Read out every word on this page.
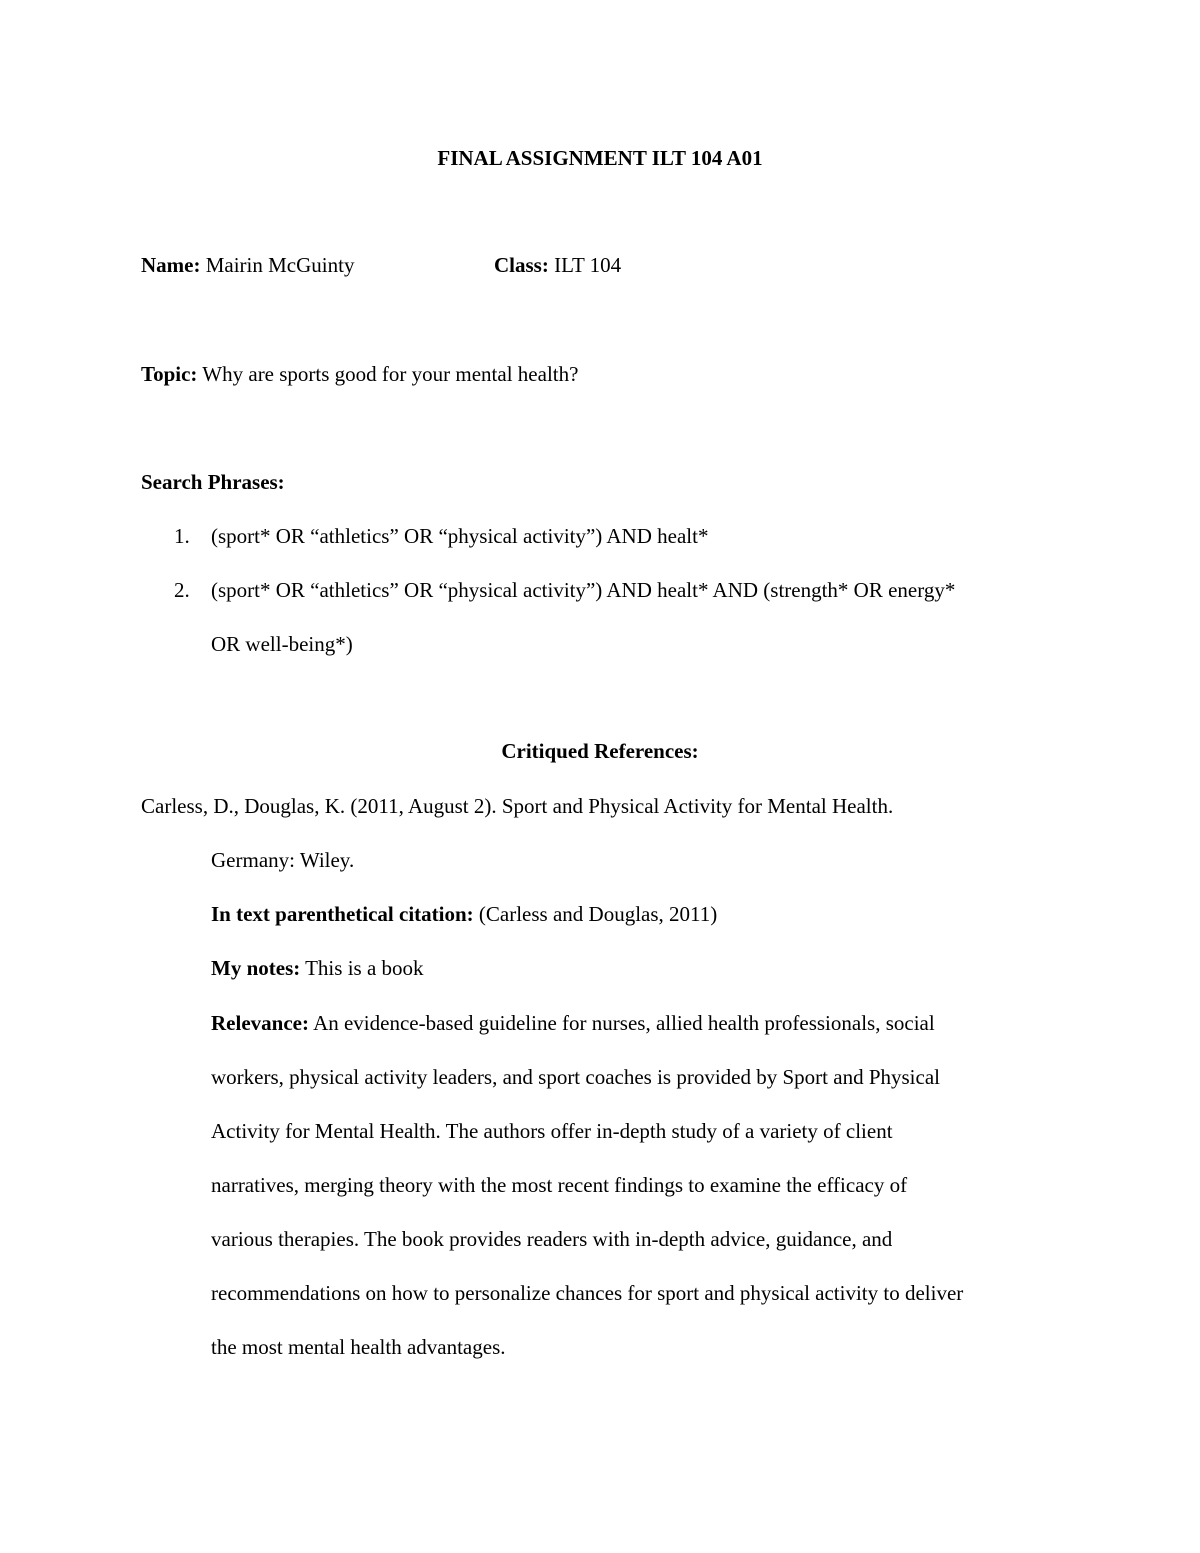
FINAL ASSIGNMENT ILT 104 A01

Name: Mairin McGuinty	Class: ILT 104

Topic: Why are sports good for your mental health?

Search Phrases:

1. (sport* OR “athletics” OR “physical activity”) AND healt*

2. (sport* OR “athletics” OR “physical activity”) AND healt* AND (strength* OR energy*

OR well-being*)

Critiqued References:

Carless, D., Douglas, K. (2011, August 2). Sport and Physical Activity for Mental Health.

Germany: Wiley.

In text parenthetical citation: (Carless and Douglas, 2011)

My notes: This is a book

Relevance: An evidence-based guideline for nurses, allied health professionals, social

workers, physical activity leaders, and sport coaches is provided by Sport and Physical

Activity for Mental Health. The authors offer in-depth study of a variety of client

narratives, merging theory with the most recent findings to examine the efficacy of

various therapies. The book provides readers with in-depth advice, guidance, and

recommendations on how to personalize chances for sport and physical activity to deliver

the most mental health advantages.
